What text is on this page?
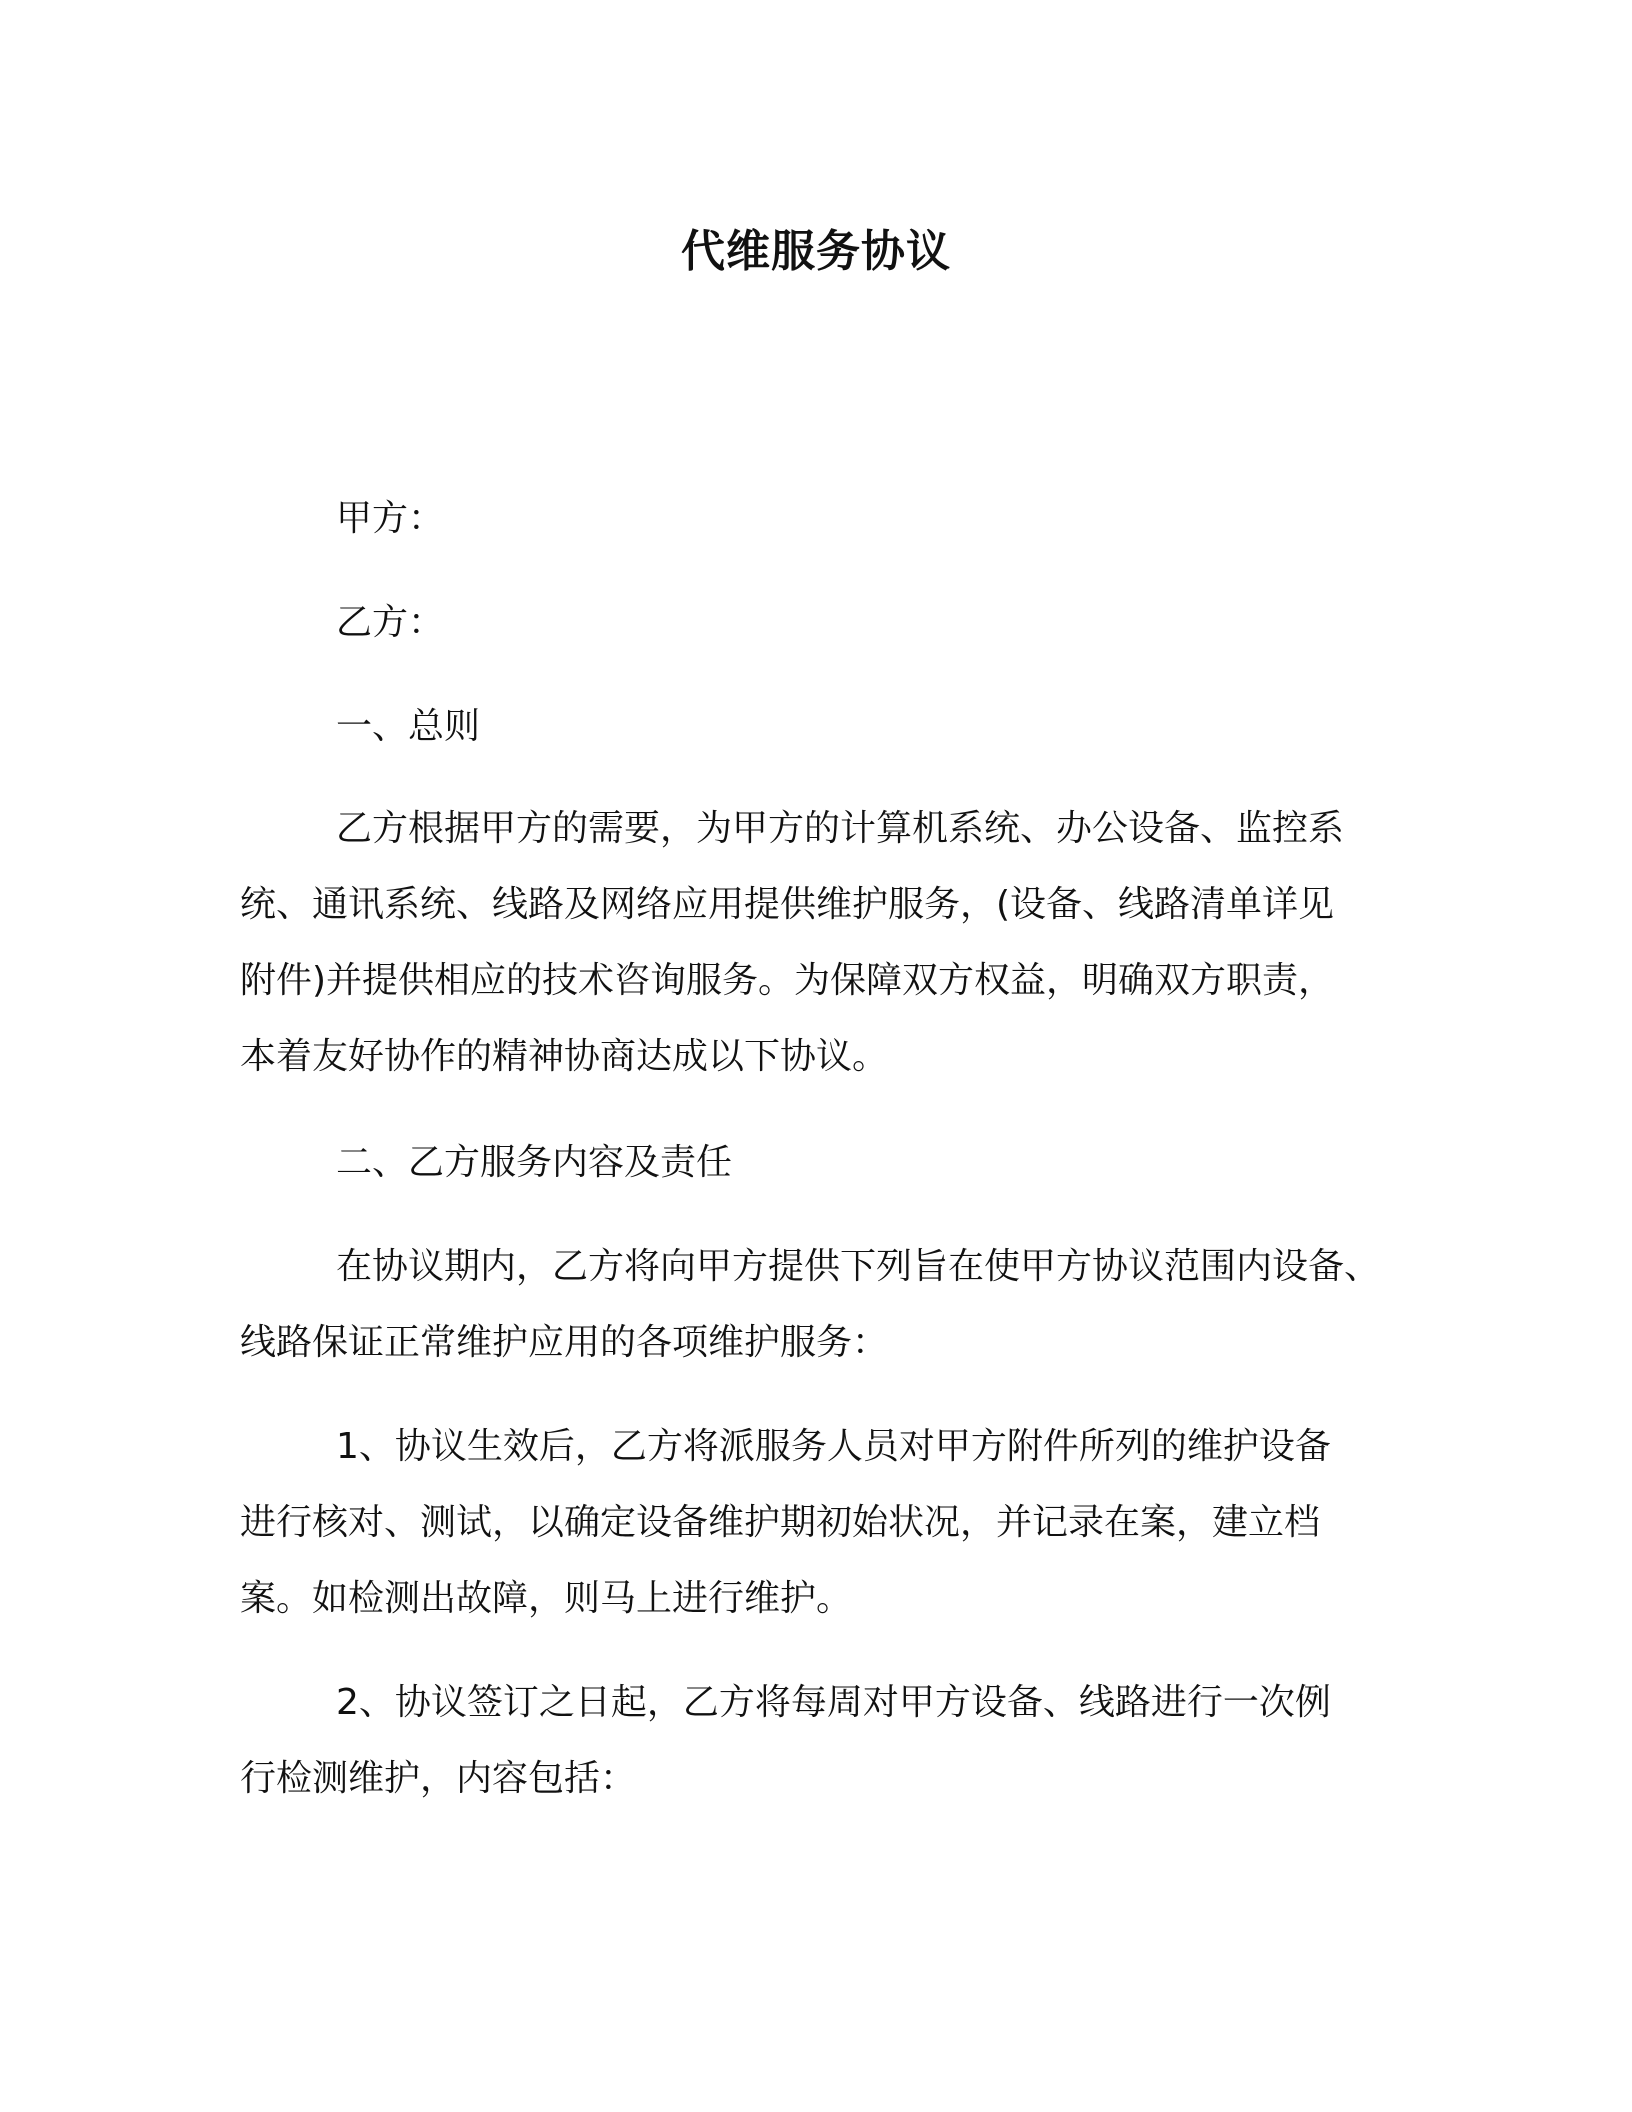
代维服务协议
甲方：
乙方：
一、总则
乙方根据甲方的需要，为甲方的计算机系统、办公设备、监控系
统、通讯系统、线路及网络应用提供维护服务，(设备、线路清单详见
附件)并提供相应的技术咨询服务。为保障双方权益，明确双方职责，
本着友好协作的精神协商达成以下协议。
二、乙方服务内容及责任
在协议期内，乙方将向甲方提供下列旨在使甲方协议范围内设备、
线路保证正常维护应用的各项维护服务：
1、协议生效后，乙方将派服务人员对甲方附件所列的维护设备
进行核对、测试，以确定设备维护期初始状况，并记录在案，建立档
案。如检测出故障，则马上进行维护。
2、协议签订之日起，乙方将每周对甲方设备、线路进行一次例
行检测维护，内容包括：
